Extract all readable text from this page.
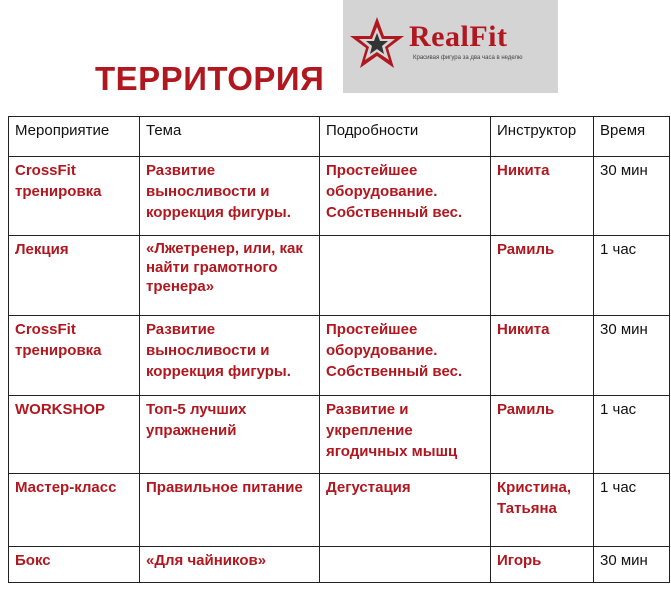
ТЕРРИТОРИЯ
RealFit
Красивая фигура за два часа в неделю
Мероприятие	Тема	Подробности	Инструктор	Время
CrossFit тренировка	Развитие выносливости и коррекция фигуры.	Простейшее оборудование. Собственный вес.	Никита	30 мин
Лекция	«Лжетренер, или, как найти грамотного тренера»		Рамиль	1 час
CrossFit тренировка	Развитие выносливости и коррекция фигуры.	Простейшее оборудование. Собственный вес.	Никита	30 мин
WORKSHOP	Топ-5 лучших упражнений	Развитие и укрепление ягодичных мышц	Рамиль	1 час
Мастер-класс	Правильное питание	Дегустация	Кристина, Татьяна	1 час
Бокс	«Для чайников»		Игорь	30 мин
